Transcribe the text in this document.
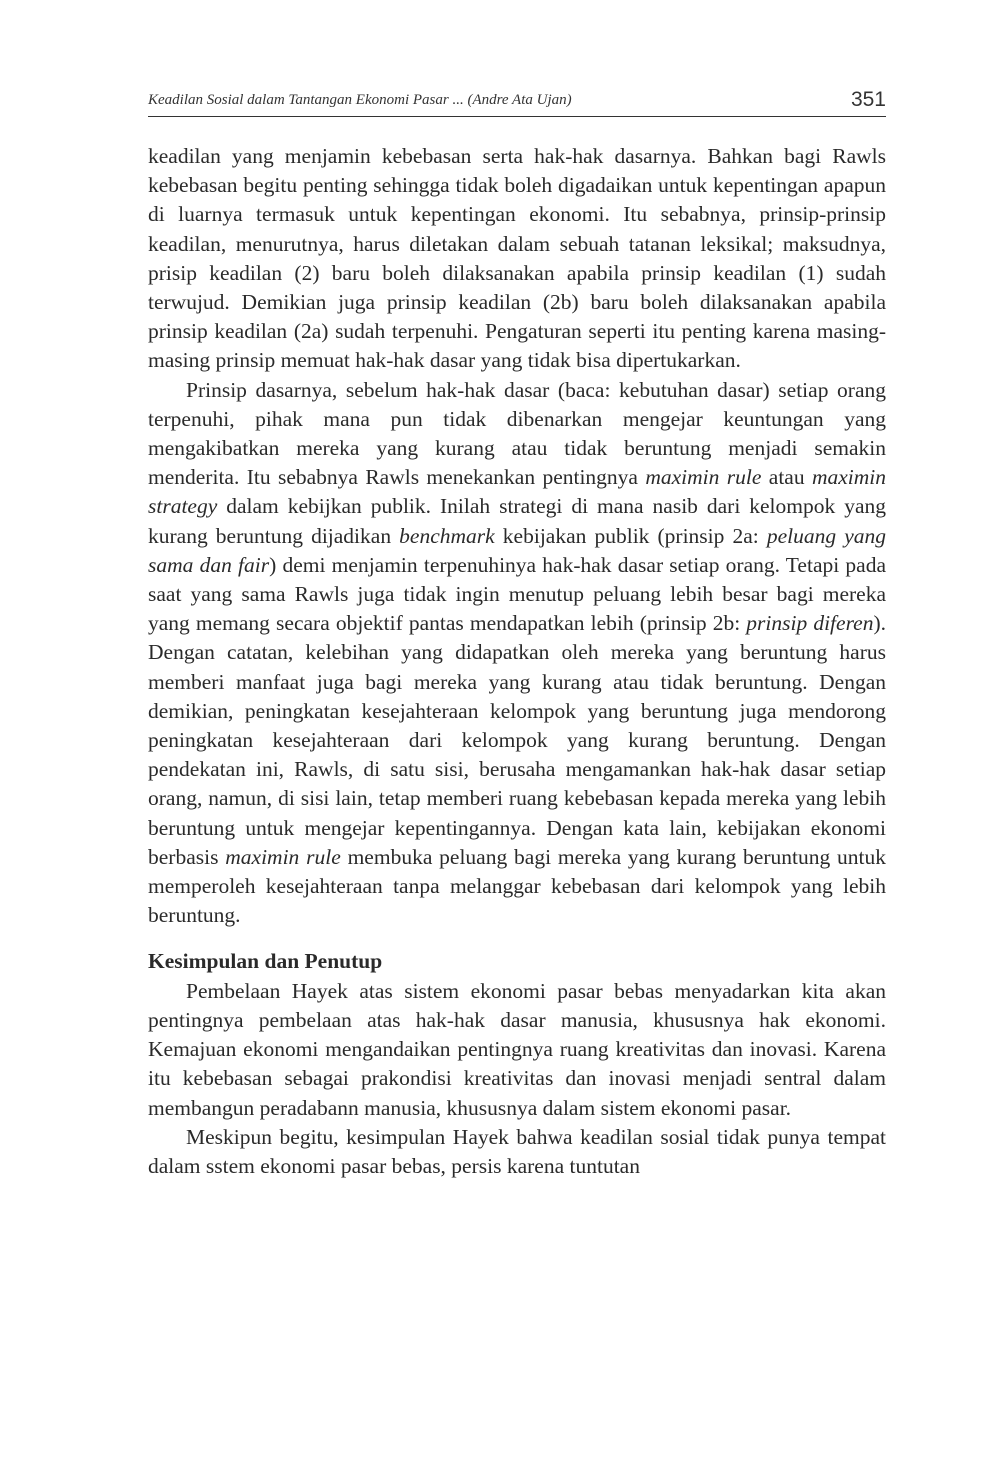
Keadilan Sosial dalam Tantangan Ekonomi Pasar ... (Andre Ata Ujan)	351

keadilan yang menjamin kebebasan serta hak-hak dasarnya. Bahkan bagi Rawls kebebasan begitu penting sehingga tidak boleh digadaikan untuk kepentingan apapun di luarnya termasuk untuk kepentingan ekonomi. Itu sebabnya, prinsip-prinsip keadilan, menurutnya, harus diletakan dalam sebuah tatanan leksikal; maksudnya, prisip keadilan (2) baru boleh dilaksanakan apabila prinsip keadilan (1) sudah terwujud. Demikian juga prinsip keadilan (2b) baru boleh dilaksanakan apabila prinsip keadilan (2a) sudah terpenuhi. Pengaturan seperti itu penting karena masing-masing prinsip memuat hak-hak dasar yang tidak bisa dipertukarkan.

Prinsip dasarnya, sebelum hak-hak dasar (baca: kebutuhan dasar) setiap orang terpenuhi, pihak mana pun tidak dibenarkan mengejar keuntungan yang mengakibatkan mereka yang kurang atau tidak beruntung menjadi semakin menderita. Itu sebabnya Rawls menekankan pentingnya maximin rule atau maximin strategy dalam kebijkan publik. Inilah strategi di mana nasib dari kelompok yang kurang beruntung dijadikan benchmark kebijakan publik (prinsip 2a: peluang yang sama dan fair) demi menjamin terpenuhinya hak-hak dasar setiap orang. Tetapi pada saat yang sama Rawls juga tidak ingin menutup peluang lebih besar bagi mereka yang memang secara objektif pantas mendapatkan lebih (prinsip 2b: prinsip diferen). Dengan catatan, kelebihan yang didapatkan oleh mereka yang beruntung harus memberi manfaat juga bagi mereka yang kurang atau tidak beruntung. Dengan demikian, peningkatan kesejahteraan kelompok yang beruntung juga mendorong peningkatan kesejahteraan dari kelompok yang kurang beruntung. Dengan pendekatan ini, Rawls, di satu sisi, berusaha mengamankan hak-hak dasar setiap orang, namun, di sisi lain, tetap memberi ruang kebebasan kepada mereka yang lebih beruntung untuk mengejar kepentingannya. Dengan kata lain, kebijakan ekonomi berbasis maximin rule membuka peluang bagi mereka yang kurang beruntung untuk memperoleh kesejahteraan tanpa melanggar kebebasan dari kelompok yang lebih beruntung.

Kesimpulan dan Penutup

Pembelaan Hayek atas sistem ekonomi pasar bebas menyadarkan kita akan pentingnya pembelaan atas hak-hak dasar manusia, khususnya hak ekonomi. Kemajuan ekonomi mengandaikan pentingnya ruang kreativitas dan inovasi. Karena itu kebebasan sebagai prakondisi kreativitas dan inovasi menjadi sentral dalam membangun peradabann manusia, khususnya dalam sistem ekonomi pasar.

Meskipun begitu, kesimpulan Hayek bahwa keadilan sosial tidak punya tempat dalam sstem ekonomi pasar bebas, persis karena tuntutan
